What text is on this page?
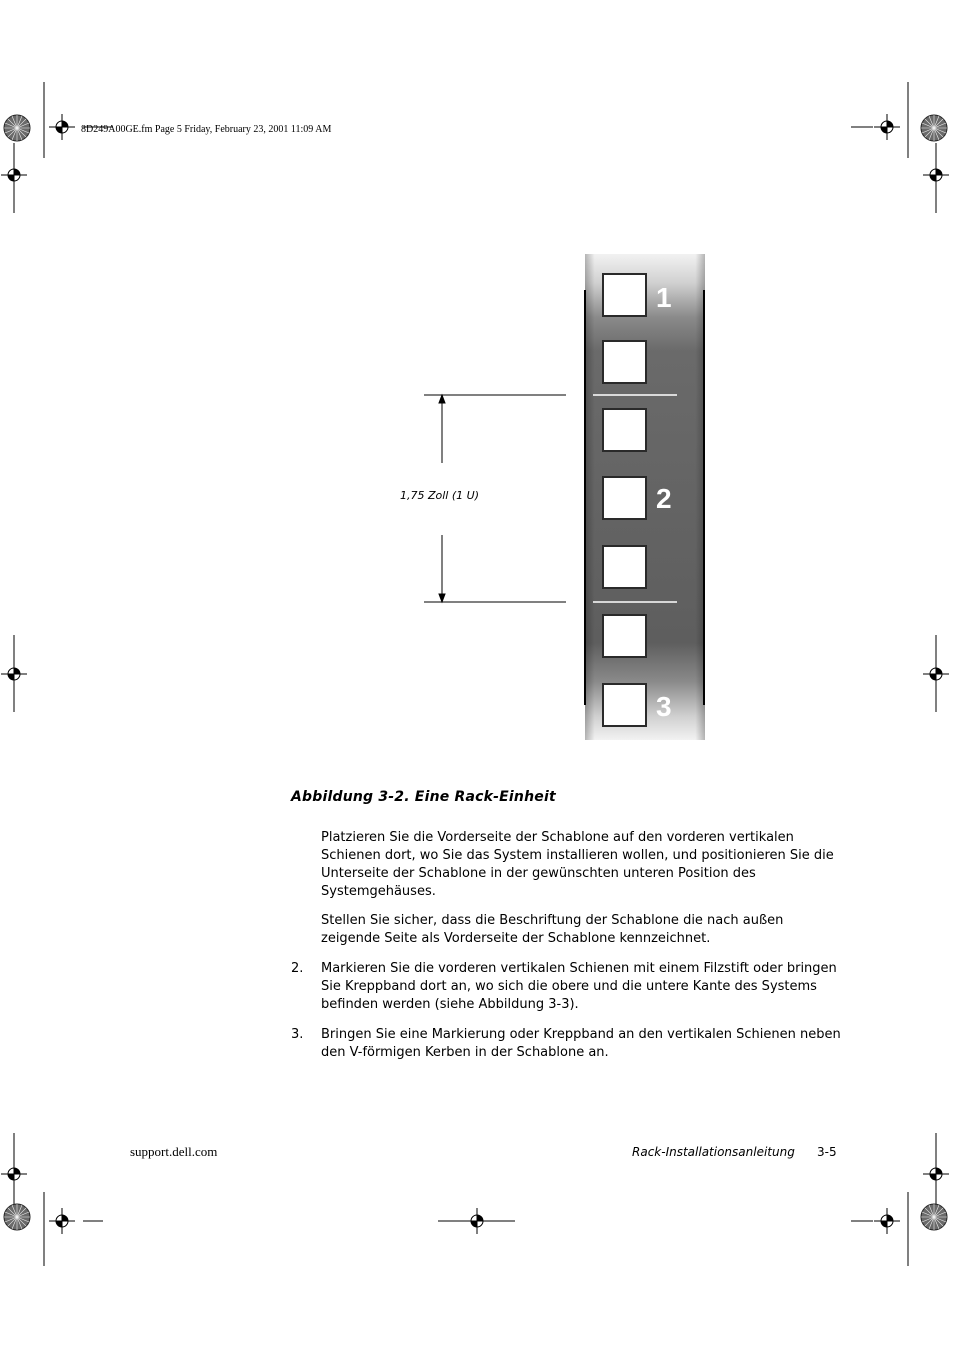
8D249A00GE.fm Page 5 Friday, February 23, 2001 11:09 AM
1
2
3
1,75 Zoll (1 U)
Abbildung 3-2. Eine Rack-Einheit
Platzieren Sie die Vorderseite der Schablone auf den vorderen vertikalen Schienen dort, wo Sie das System installieren wollen, und positionieren Sie die Unterseite der Schablone in der gewünschten unteren Position des Systemgehäuses.
Stellen Sie sicher, dass die Beschriftung der Schablone die nach außen zeigende Seite als Vorderseite der Schablone kennzeichnet.
2. Markieren Sie die vorderen vertikalen Schienen mit einem Filzstift oder bringen Sie Kreppband dort an, wo sich die obere und die untere Kante des Systems befinden werden (siehe Abbildung 3-3).
3. Bringen Sie eine Markierung oder Kreppband an den vertikalen Schienen neben den V-förmigen Kerben in der Schablone an.
support.dell.com	Rack-Installationsanleitung 3-5
